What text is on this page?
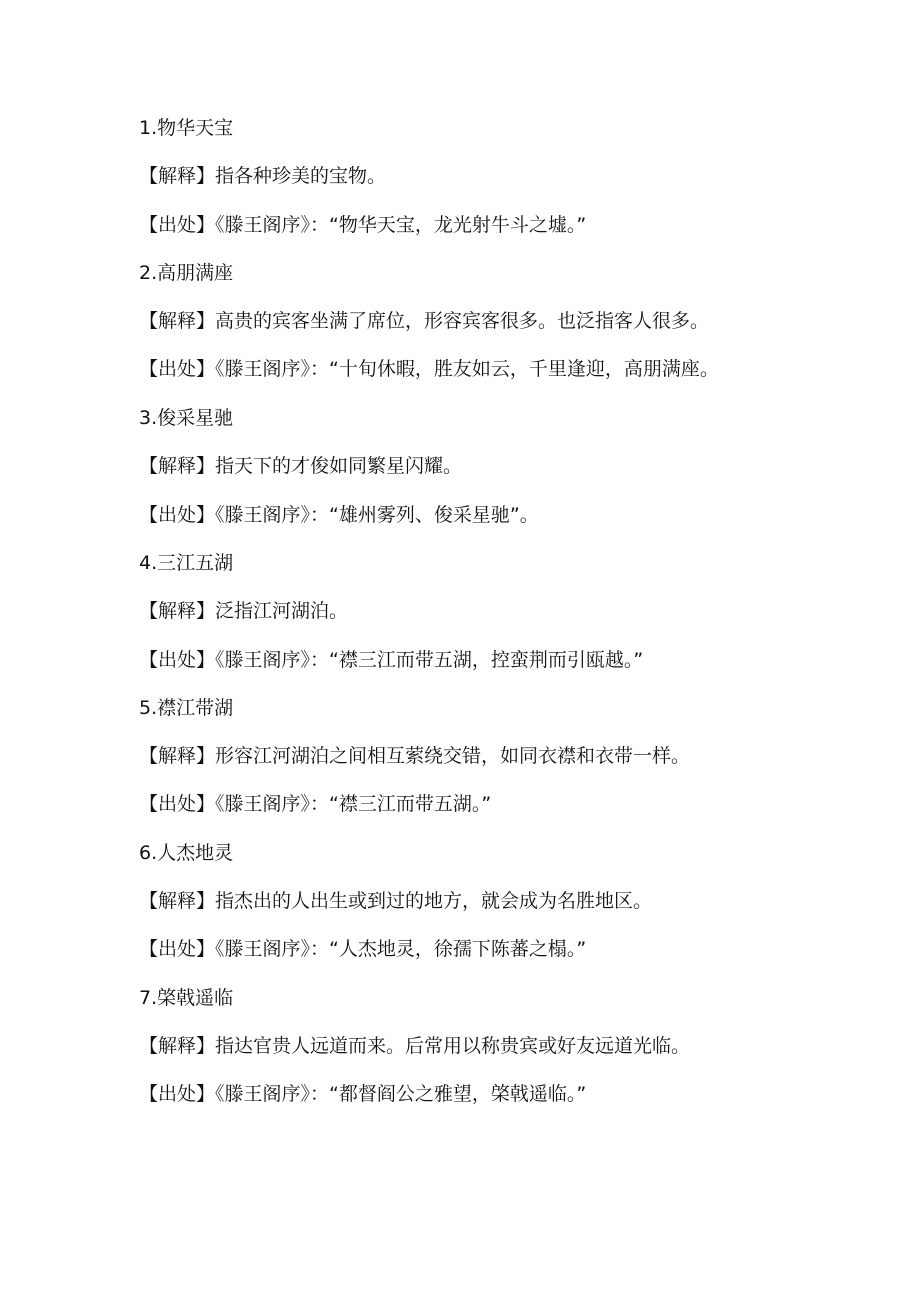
1.物华天宝
【解释】指各种珍美的宝物。
【出处】《滕王阁序》：“物华天宝，龙光射牛斗之墟。”
2.高朋满座
【解释】高贵的宾客坐满了席位，形容宾客很多。也泛指客人很多。
【出处】《滕王阁序》：“十旬休暇，胜友如云，千里逢迎，高朋满座。
3.俊采星驰
【解释】指天下的才俊如同繁星闪耀。
【出处】《滕王阁序》：“雄州雾列、俊采星驰”。
4.三江五湖
【解释】泛指江河湖泊。
【出处】《滕王阁序》：“襟三江而带五湖，控蛮荆而引瓯越。”
5.襟江带湖
【解释】形容江河湖泊之间相互萦绕交错，如同衣襟和衣带一样。
【出处】《滕王阁序》：“襟三江而带五湖。”
6.人杰地灵
【解释】指杰出的人出生或到过的地方，就会成为名胜地区。
【出处】《滕王阁序》：“人杰地灵，徐孺下陈蕃之榻。”
7.棨戟遥临
【解释】指达官贵人远道而来。后常用以称贵宾或好友远道光临。
【出处】《滕王阁序》：“都督阎公之雅望，棨戟遥临。”
